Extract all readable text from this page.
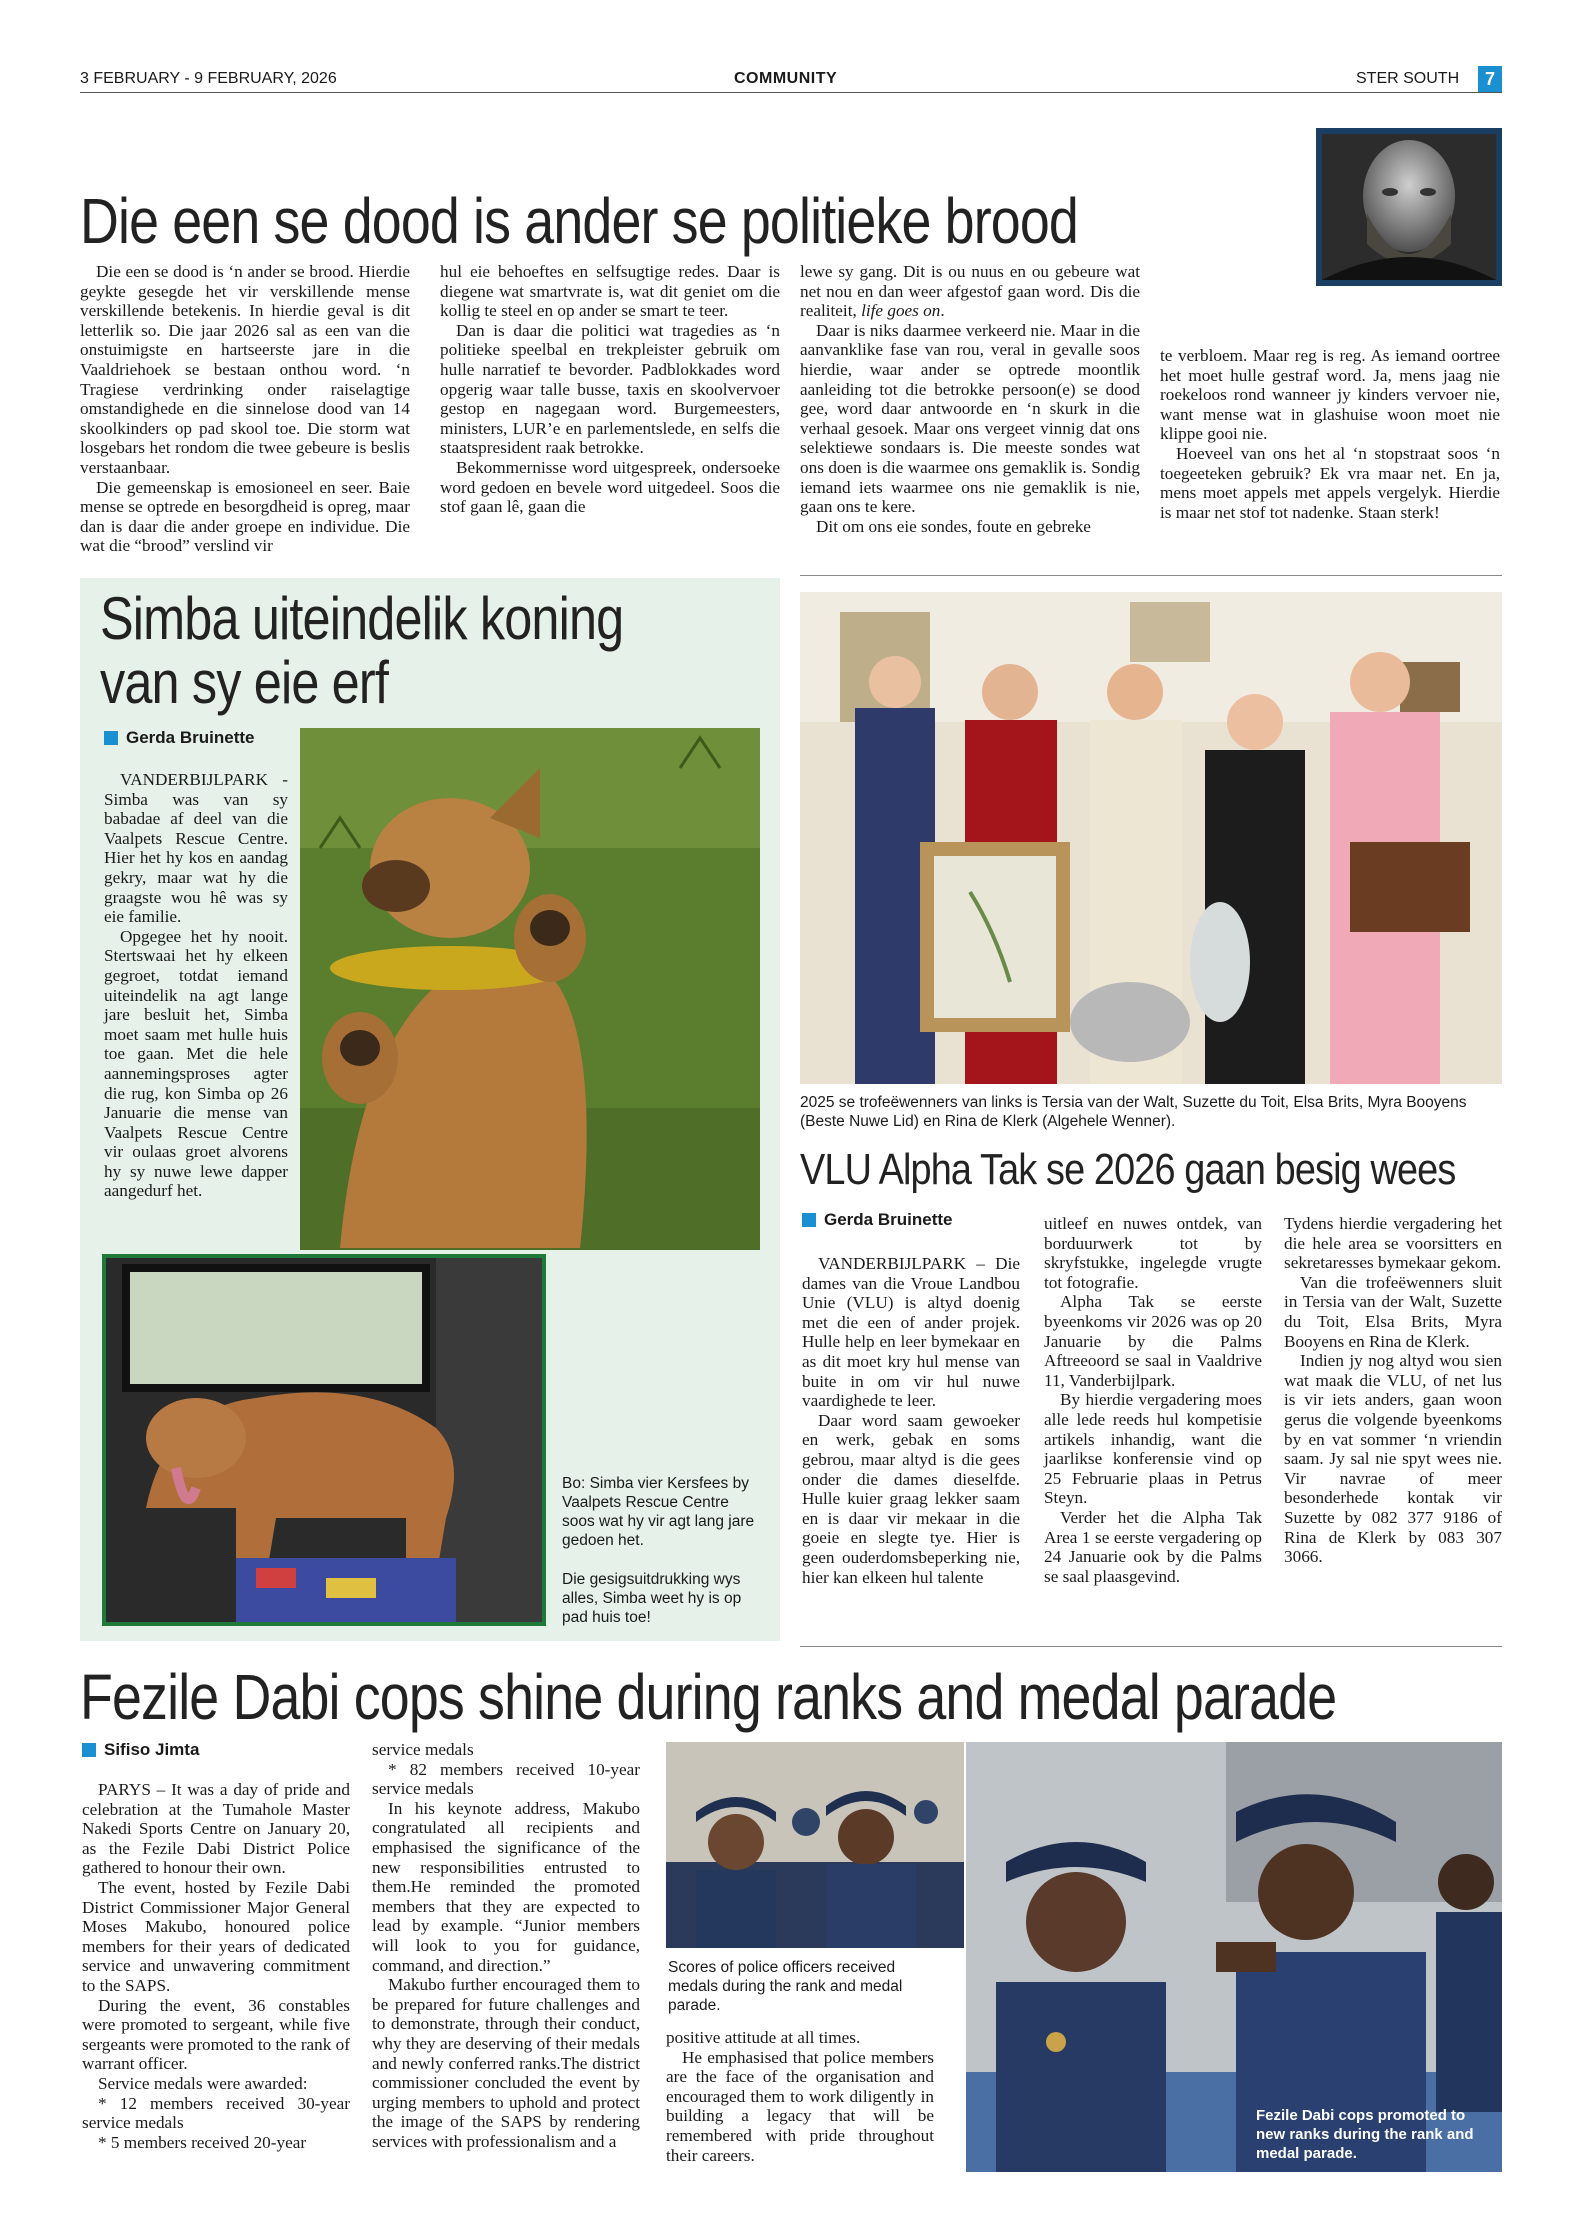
3 FEBRUARY - 9 FEBRUARY, 2026	COMMUNITY	STER SOUTH	7
Die een se dood is ander se politieke brood

Die een se dood is ‘n ander se brood. Hierdie geykte gesegde het vir verskillende mense verskillende betekenis. In hierdie geval is dit letterlik so. Die jaar 2026 sal as een van die onstuimigste en hartseerste jare in die Vaaldriehoek se bestaan onthou word. ‘n Tragiese verdrinking onder raiselagtige omstandighede en die sinnelose dood van 14 skoolkinders op pad skool toe. Die storm wat losgebars het rondom die twee gebeure is beslis verstaanbaar.

Die gemeenskap is emosioneel en seer. Baie mense se optrede en besorgdheid is opreg, maar dan is daar die ander groepe en individue. Die wat die “brood” verslind vir

hul eie behoeftes en selfsugtige redes. Daar is diegene wat smartvrate is, wat dit geniet om die kollig te steel en op ander se smart te teer.

Dan is daar die politici wat tragedies as ‘n politieke speelbal en trekpleister gebruik om hulle narratief te bevorder. Padblokkades word opgerig waar talle busse, taxis en skoolvervoer gestop en nagegaan word. Burgemeesters, ministers, LUR’e en parlementslede, en selfs die staatspresident raak betrokke.

Bekommernisse word uitgespreek, ondersoeke word gedoen en bevele word uitgedeel. Soos die stof gaan lê, gaan die

lewe sy gang. Dit is ou nuus en ou gebeure wat net nou en dan weer afgestof gaan word. Dis die realiteit, life goes on.

Daar is niks daarmee verkeerd nie. Maar in die aanvanklike fase van rou, veral in gevalle soos hierdie, waar ander se optrede moontlik aanleiding tot die betrokke persoon(e) se dood gee, word daar antwoorde en ‘n skurk in die verhaal gesoek. Maar ons vergeet vinnig dat ons selektiewe sondaars is. Die meeste sondes wat ons doen is die waarmee ons gemaklik is. Sondig iemand iets waarmee ons nie gemaklik is nie, gaan ons te kere.

Dit om ons eie sondes, foute en gebreke

te verbloem. Maar reg is reg. As iemand oortree het moet hulle gestraf word. Ja, mens jaag nie roekeloos rond wanneer jy kinders vervoer nie, want mense wat in glashuise woon moet nie klippe gooi nie.

Hoeveel van ons het al ‘n stopstraat soos ‘n toegeeteken gebruik? Ek vra maar net. En ja, mens moet appels met appels vergelyk. Hierdie is maar net stof tot nadenke. Staan sterk!

Simba uiteindelik koning
van sy eie erf
Gerda Bruinette

VANDERBIJLPARK - Simba was van sy babadae af deel van die Vaalpets Rescue Centre. Hier het hy kos en aandag gekry, maar wat hy die graagste wou hê was sy eie familie.

Opgegee het hy nooit. Stertswaai het hy elkeen gegroet, totdat iemand uiteindelik na agt lange jare besluit het, Simba moet saam met hulle huis toe gaan. Met die hele aannemingsproses agter die rug, kon Simba op 26 Januarie die mense van Vaalpets Rescue Centre vir oulaas groet alvorens hy sy nuwe lewe dapper aangedurf het.

Bo: Simba vier Kersfees by Vaalpets Rescue Centre soos wat hy vir agt lang jare gedoen het.
Die gesigsuitdrukking wys alles, Simba weet hy is op pad huis toe!
2025 se trofeëwenners van links is Tersia van der Walt, Suzette du Toit, Elsa Brits, Myra Booyens (Beste Nuwe Lid) en Rina de Klerk (Algehele Wenner).
VLU Alpha Tak se 2026 gaan besig wees
Gerda Bruinette

VANDERBIJLPARK – Die dames van die Vroue Landbou Unie (VLU) is altyd doenig met die een of ander projek. Hulle help en leer bymekaar en as dit moet kry hul mense van buite in om vir hul nuwe vaardighede te leer.

Daar word saam gewoeker en werk, gebak en soms gebrou, maar altyd is die gees onder die dames dieselfde. Hulle kuier graag lekker saam en is daar vir mekaar in die goeie en slegte tye. Hier is geen ouderdomsbeperking nie, hier kan elkeen hul talente

uitleef en nuwes ontdek, van borduurwerk tot by skryfstukke, ingelegde vrugte tot fotografie.

Alpha Tak se eerste byeenkoms vir 2026 was op 20 Januarie by die Palms Aftreeoord se saal in Vaaldrive 11, Vanderbijlpark.

By hierdie vergadering moes alle lede reeds hul kompetisie artikels inhandig, want die jaarlikse konferensie vind op 25 Februarie plaas in Petrus Steyn.

Verder het die Alpha Tak Area 1 se eerste vergadering op 24 Januarie ook by die Palms se saal plaasgevind.

Tydens hierdie vergadering het die hele area se voorsitters en sekretaresses bymekaar gekom.

Van die trofeëwenners sluit in Tersia van der Walt, Suzette du Toit, Elsa Brits, Myra Booyens en Rina de Klerk.

Indien jy nog altyd wou sien wat maak die VLU, of net lus is vir iets anders, gaan woon gerus die volgende byeenkoms by en vat sommer ‘n vriendin saam. Jy sal nie spyt wees nie. Vir navrae of meer besonderhede kontak vir Suzette by 082 377 9186 of Rina de Klerk by 083 307 3066.

Fezile Dabi cops shine during ranks and medal parade
Sifiso Jimta

PARYS – It was a day of pride and celebration at the Tumahole Master Nakedi Sports Centre on January 20, as the Fezile Dabi District Police gathered to honour their own.

The event, hosted by Fezile Dabi District Commissioner Major General Moses Makubo, honoured police members for their years of dedicated service and unwavering commitment to the SAPS.

During the event, 36 constables were promoted to sergeant, while five sergeants were promoted to the rank of warrant officer.

Service medals were awarded:

* 12 members received 30-year service medals

* 5 members received 20-year

service medals

* 82 members received 10-year service medals

In his keynote address, Makubo congratulated all recipients and emphasised the significance of the new responsibilities entrusted to them.He reminded the promoted members that they are expected to lead by example. “Junior members will look to you for guidance, command, and direction.”

Makubo further encouraged them to be prepared for future challenges and to demonstrate, through their conduct, why they are deserving of their medals and newly conferred ranks.The district commissioner concluded the event by urging members to uphold and protect the image of the SAPS by rendering services with professionalism and a

Scores of police officers received medals during the rank and medal parade.

positive attitude at all times.

He emphasised that police members are the face of the organisation and encouraged them to work diligently in building a legacy that will be remembered with pride throughout their careers.

Fezile Dabi cops promoted to new ranks during the rank and medal parade.
